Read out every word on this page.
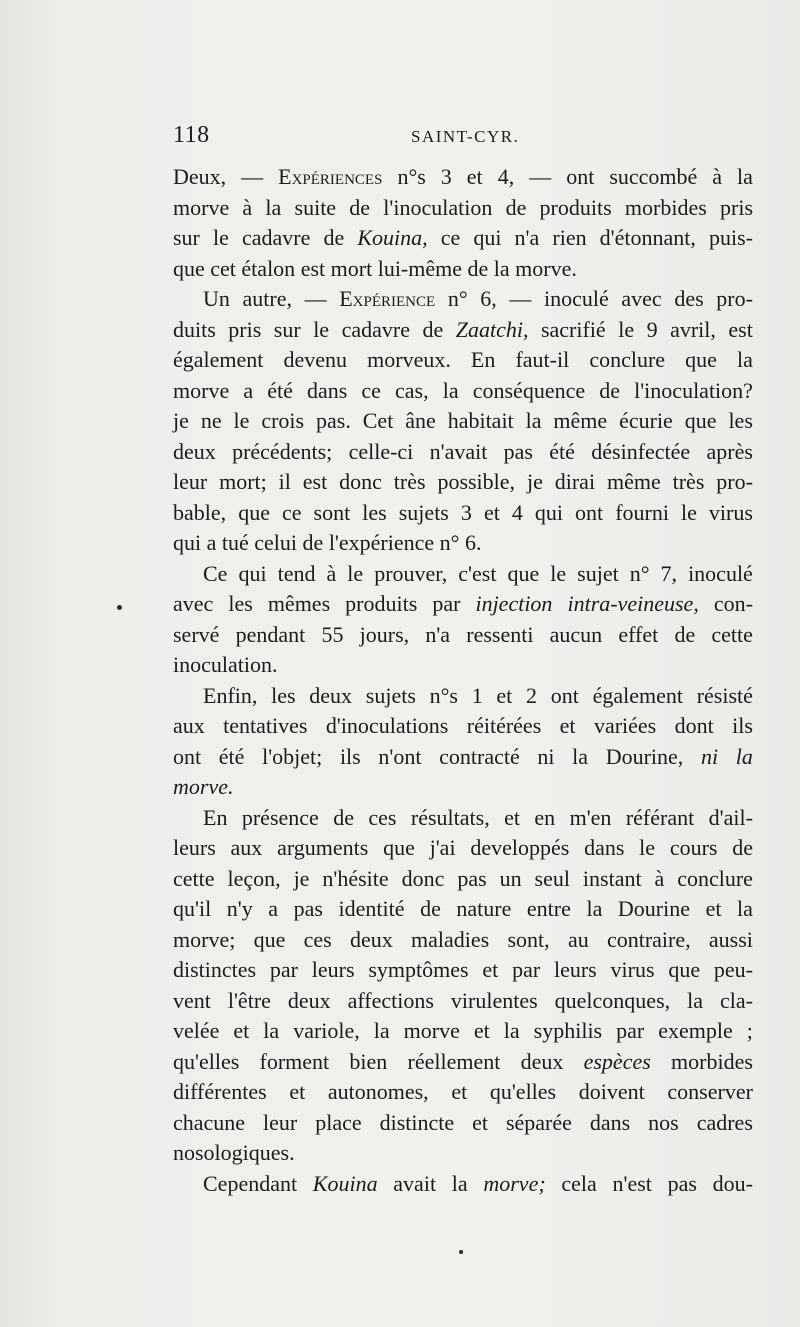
118	SAINT-CYR.
Deux, — Expériences n°s 3 et 4, — ont succombé à la
morve à la suite de l'inoculation de produits morbides pris
sur le cadavre de Kouina, ce qui n'a rien d'étonnant, puis-
que
cet
étalon
est
mort
lui-même
de
la
morve.
Un autre, — Expérience n° 6, — inoculé avec des pro-
duits pris sur le cadavre de Zaatchi, sacrifié le 9 avril, est
également devenu morveux. En faut-il conclure que la
morve a été dans ce cas, la conséquence de l'inoculation?
je ne le crois pas. Cet âne habitait la même écurie que les
deux précédents; celle-ci n'avait pas été désinfectée après
leur mort; il est donc très possible, je dirai même très pro-
bable, que ce sont les sujets 3 et 4 qui ont fourni le virus
qui
a
tué
celui
de
l'expérience
n°
6.
Ce qui tend à le prouver, c'est que le sujet n° 7, inoculé
avec les mêmes produits par injection intra-veineuse, con-
servé pendant 55 jours, n'a ressenti aucun effet de cette
inoculation.
Enfin, les deux sujets n°s 1 et 2 ont également résisté
aux tentatives d'inoculations réitérées et variées dont ils
ont été l'objet; ils n'ont contracté ni la Dourine, ni la
morve.
En présence de ces résultats, et en m'en référant d'ail-
leurs aux arguments que j'ai developpés dans le cours de
cette leçon, je n'hésite donc pas un seul instant à conclure
qu'il n'y a pas identité de nature entre la Dourine et la
morve; que ces deux maladies sont, au contraire, aussi
distinctes par leurs symptômes et par leurs virus que peu-
vent l'être deux affections virulentes quelconques, la cla-
velée et la variole, la morve et la syphilis par exemple ;
qu'elles forment bien réellement deux espèces morbides
différentes et autonomes, et qu'elles doivent conserver
chacune leur place distincte et séparée dans nos cadres
nosologiques.
Cependant Kouina avait la morve; cela n'est pas dou-
